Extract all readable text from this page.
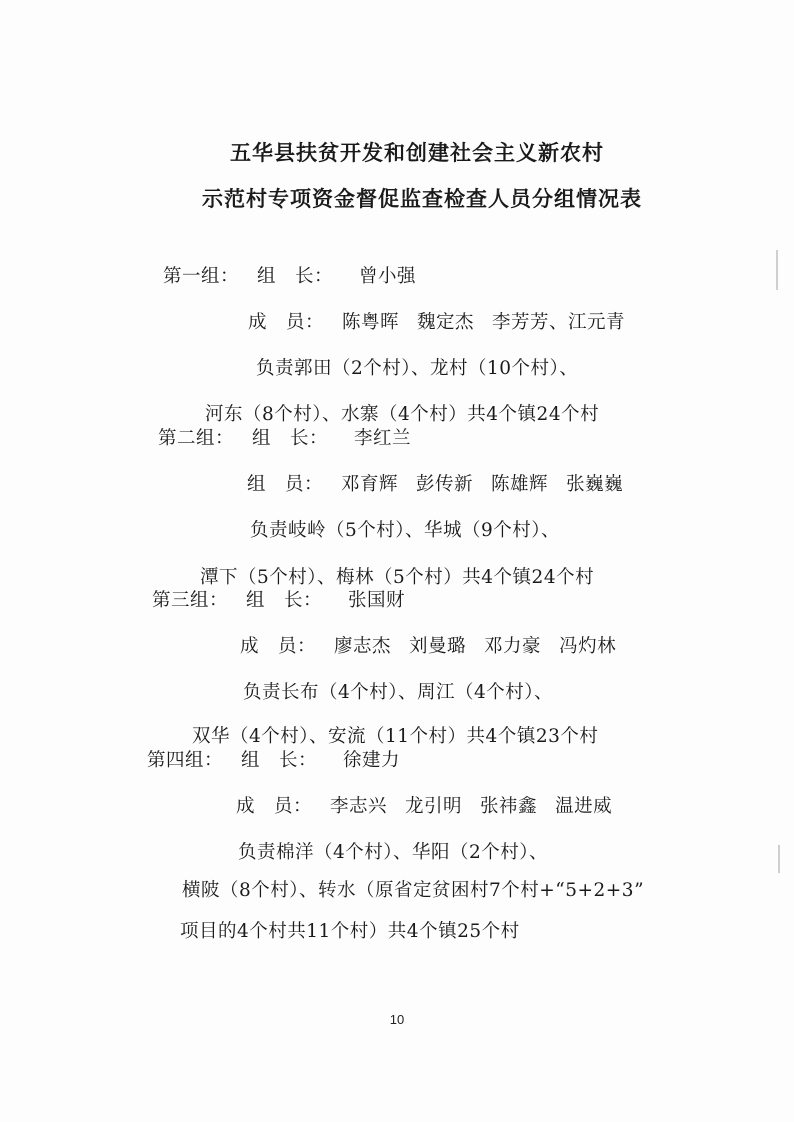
五华县扶贫开发和创建社会主义新农村
示范村专项资金督促监查检查人员分组情况表
第一组： 组　长： 曾小强
成　员： 陈粤晖 魏定杰 李芳芳、江元青
负责郭田（2个村）、龙村（10个村）、
河东（8个村）、水寨（4个村）共4个镇24个村
第二组： 组　长： 李红兰
组　员： 邓育辉 彭传新 陈雄辉 张巍巍
负责岐岭（5个村）、华城（9个村）、
潭下（5个村）、梅林（5个村）共4个镇24个村
第三组： 组　长： 张国财
成　员： 廖志杰 刘曼璐 邓力豪 冯灼林
负责长布（4个村）、周江（4个村）、
双华（4个村）、安流（11个村）共4个镇23个村
第四组： 组　长： 徐建力
成　员： 李志兴 龙引明 张祎鑫 温进威
负责棉洋（4个村）、华阳（2个村）、
横陂（8个村）、转水（原省定贫困村7个村+“5+2+3”
项目的4个村共11个村）共4个镇25个村
10
